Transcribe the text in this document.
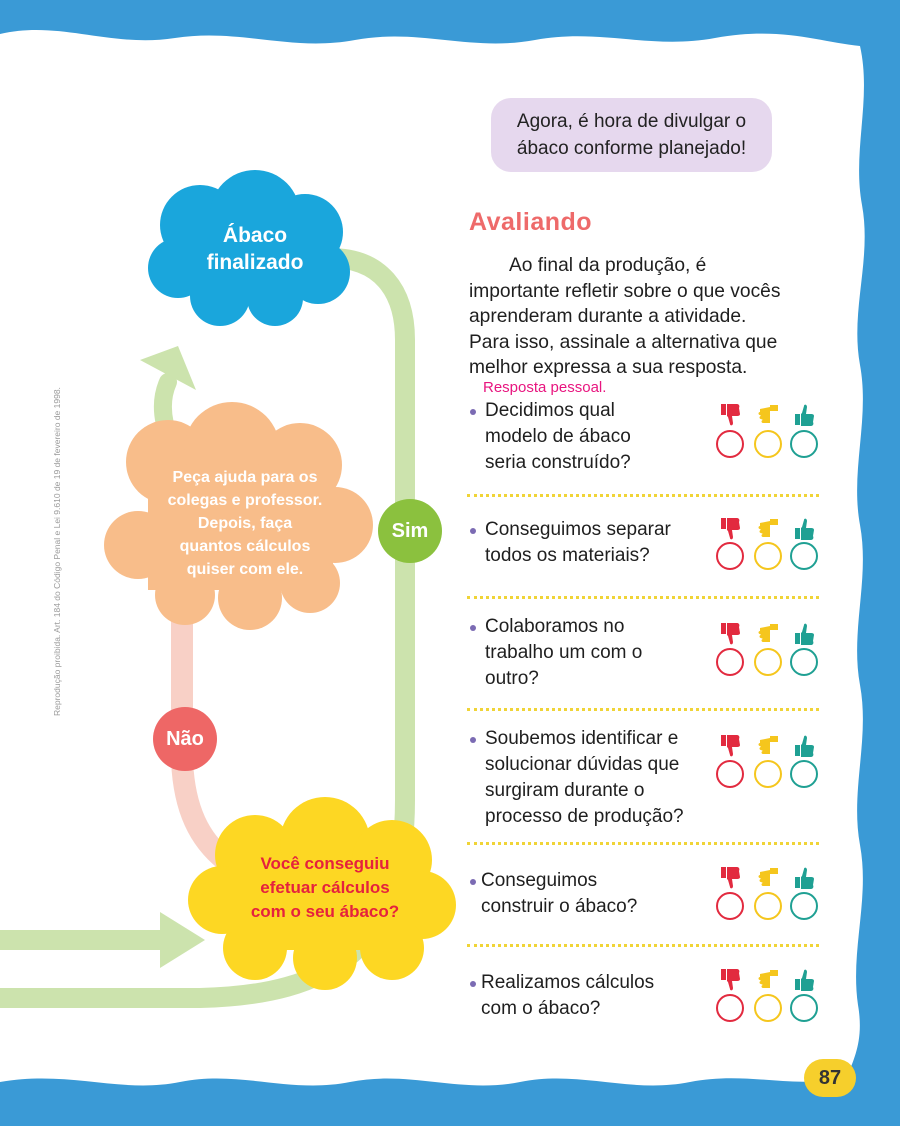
Reprodução proibida. Art. 184 do Código Penal e Lei 9.610 de 19 de fevereiro de 1998.
Ábaco
finalizado
Peça ajuda para os
colegas e professor.
Depois, faça
quantos cálculos
quiser com ele.
Você conseguiu
efetuar cálculos
com o seu ábaco?
Sim
Não
Agora, é hora de divulgar o
ábaco conforme planejado!
Avaliando
Ao final da produção, é
importante refletir sobre o que vocês
aprenderam durante a atividade.
Para isso, assinale a alternativa que
melhor expressa a sua resposta.
Resposta pessoal.
Decidimos qual
modelo de ábaco
seria construído?
Conseguimos separar
todos os materiais?
Colaboramos no
trabalho um com o
outro?
Soubemos identificar e
solucionar dúvidas que
surgiram durante o
processo de produção?
Conseguimos
construir o ábaco?
Realizamos cálculos
com o ábaco?
87
